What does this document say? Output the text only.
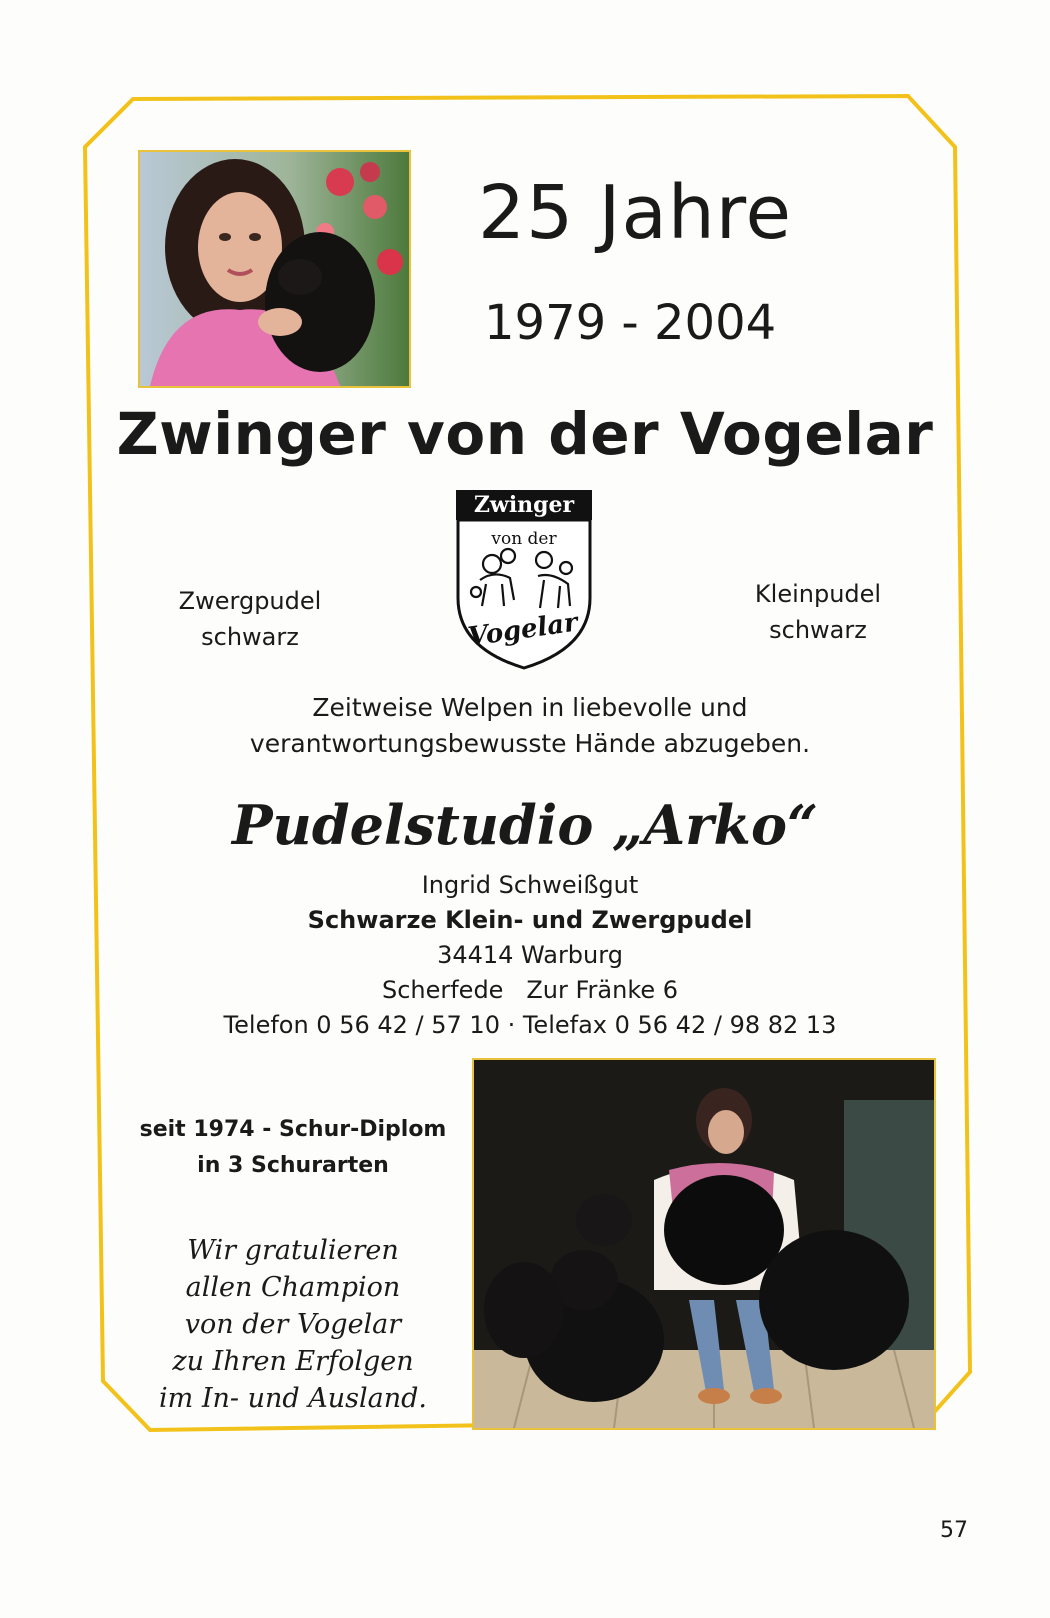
25 Jahre
1979 - 2004
Zwinger von der Vogelar
Zwinger
von der
Vogelar
Zwergpudel
schwarz
Kleinpudel
schwarz
Zeitweise Welpen in liebevolle und
verantwortungsbewusste Hände abzugeben.
Pudelstudio „Arko“
Ingrid Schweißgut
Schwarze Klein- und Zwergpudel
34414 Warburg
Scherfede   Zur Fränke 6
Telefon 0 56 42 / 57 10 · Telefax 0 56 42 / 98 82 13
seit 1974 - Schur-Diplom
in 3 Schurarten
Wir gratulieren
allen Champion
von der Vogelar
zu Ihren Erfolgen
im In- und Ausland.
57
